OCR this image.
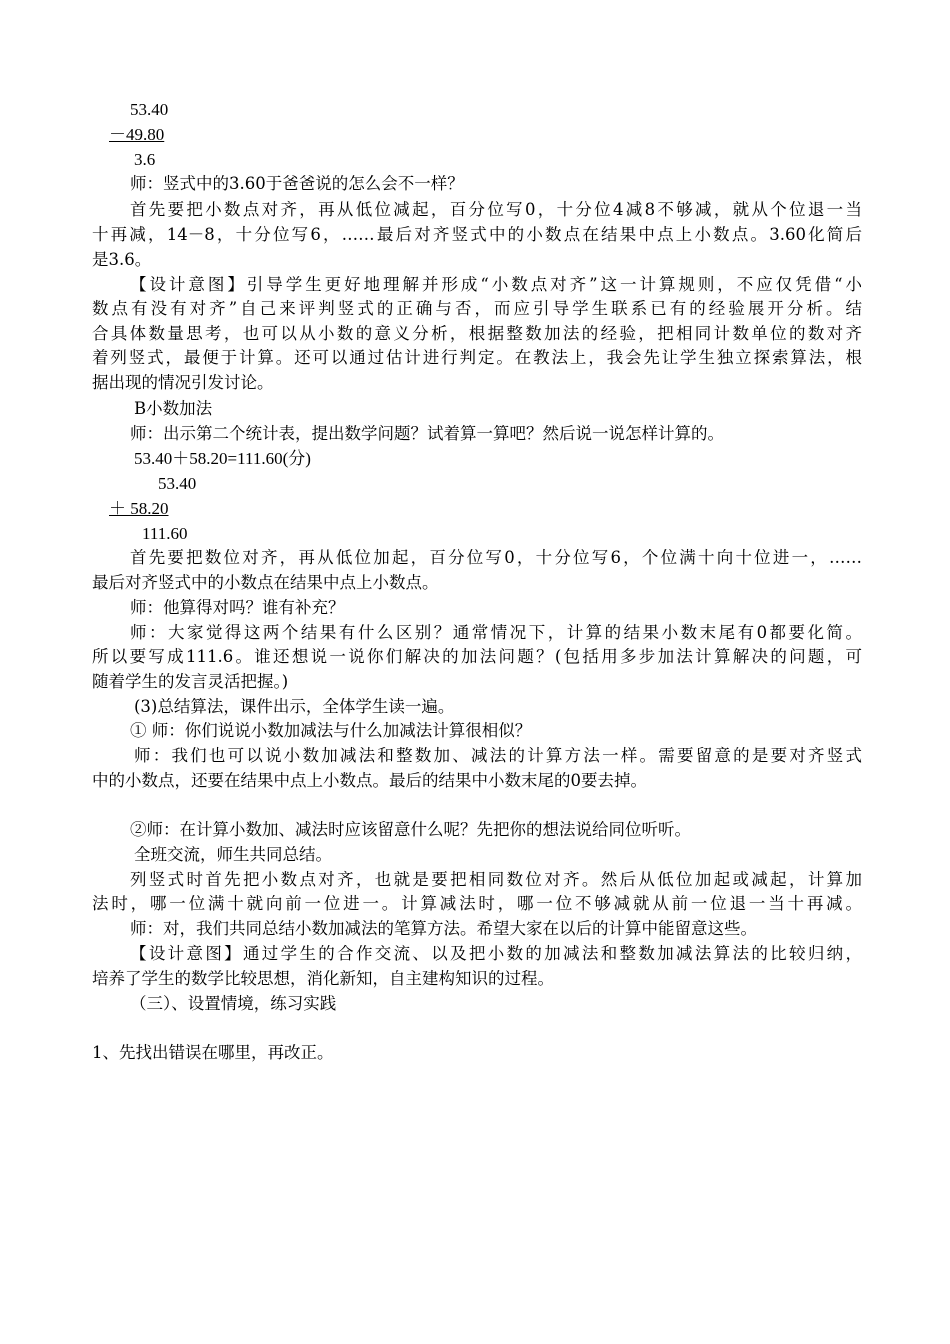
53.40
－49.80
3.6
师：竖式中的3.60于爸爸说的怎么会不一样？
首先要把小数点对齐，再从低位减起，百分位写0，十分位4减8不够减，就从个位退一当
十再减，14－8，十分位写6，……最后对齐竖式中的小数点在结果中点上小数点。3.60化简后
是3.6。
【设计意图】引导学生更好地理解并形成“小数点对齐”这一计算规则，不应仅凭借“小
数点有没有对齐”自己来评判竖式的正确与否，而应引导学生联系已有的经验展开分析。结
合具体数量思考，也可以从小数的意义分析，根据整数加法的经验，把相同计数单位的数对齐
着列竖式，最便于计算。还可以通过估计进行判定。在教法上，我会先让学生独立探索算法，根
据出现的情况引发讨论。
B小数加法
师：出示第二个统计表，提出数学问题？试着算一算吧？然后说一说怎样计算的。
53.40＋58.20=111.60(分)
53.40
＋ 58.20
111.60
首先要把数位对齐，再从低位加起，百分位写0，十分位写6，个位满十向十位进一，……
最后对齐竖式中的小数点在结果中点上小数点。
师：他算得对吗？谁有补充？
师：大家觉得这两个结果有什么区别？通常情况下，计算的结果小数末尾有0都要化简。
所以要写成111.6。谁还想说一说你们解决的加法问题？(包括用多步加法计算解决的问题，可
随着学生的发言灵活把握。)
(3)总结算法，课件出示，全体学生读一遍。
① 师：你们说说小数加减法与什么加减法计算很相似？
师：我们也可以说小数加减法和整数加、减法的计算方法一样。需要留意的是要对齐竖式
中的小数点，还要在结果中点上小数点。最后的结果中小数末尾的0要去掉。
②师：在计算小数加、减法时应该留意什么呢？先把你的想法说给同位听听。
全班交流，师生共同总结。
列竖式时首先把小数点对齐，也就是要把相同数位对齐。然后从低位加起或减起，计算加
法时，哪一位满十就向前一位进一。计算减法时，哪一位不够减就从前一位退一当十再减。
师：对，我们共同总结小数加减法的笔算方法。希望大家在以后的计算中能留意这些。
【设计意图】通过学生的合作交流、以及把小数的加减法和整数加减法算法的比较归纳，
培养了学生的数学比较思想，消化新知，自主建构知识的过程。
（三）、设置情境，练习实践
1、先找出错误在哪里，再改正。
